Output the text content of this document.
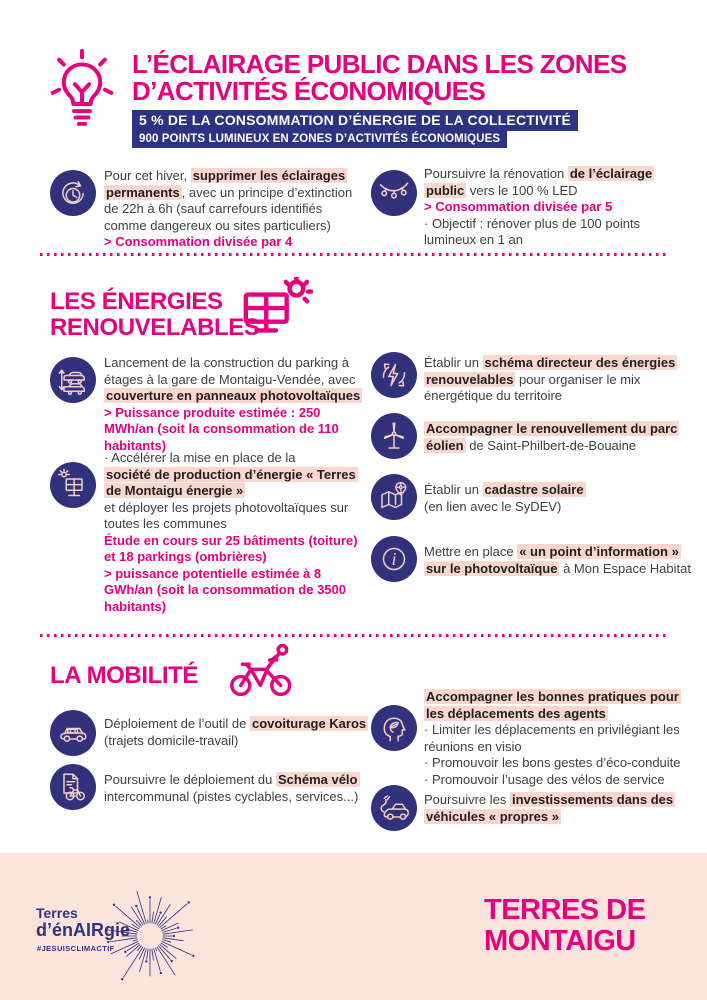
L’ÉCLAIRAGE PUBLIC DANS LES ZONES
D’ACTIVITÉS ÉCONOMIQUES
5 % DE LA CONSOMMATION D’ÉNERGIE DE LA COLLECTIVITÉ
900 POINTS LUMINEUX EN ZONES D’ACTIVITÉS ÉCONOMIQUES
Pour cet hiver, supprimer les éclairages permanents , avec un principe d’extinction de 22h à 6h (sauf carrefours identifiés comme dangereux ou sites particuliers)
> Consommation divisée par 4
Poursuivre la rénovation de l’éclairage public vers le 100 % LED
> Consommation divisée par 5
· Objectif : rénover plus de 100 points lumineux en 1 an
LES ÉNERGIES
RENOUVELABLES
Lancement de la construction du parking à étages à la gare de Montaigu-Vendée, avec couverture en panneaux photovoltaïques
> Puissance produite estimée : 250 MWh/an (soit la consommation de 110 habitants)
· Accélérer la mise en place de la
société de production d’énergie « Terres de Montaigu énergie »
et déployer les projets photovoltaïques sur toutes les communes
Étude en cours sur 25 bâtiments (toiture) et 18 parkings (ombrières)
> puissance potentielle estimée à 8 GWh/an (soit la consommation de 3500 habitants)
Établir un schéma directeur des énergies renouvelables pour organiser le mix énergétique du territoire
Accompagner le renouvellement du parc éolien de Saint-Philbert-de-Bouaine
Établir un cadastre solaire
(en lien avec le SyDEV)
i Mettre en place « un point d’information » sur le photovoltaïque à Mon Espace Habitat
LA MOBILITÉ
Déploiement de l’outil de covoiturage Karos
(trajets domicile-travail)
Poursuivre le déploiement du Schéma vélo intercommunal (pistes cyclables, services...)
Accompagner les bonnes pratiques pour les déplacements des agents
· Limiter les déplacements en privilégiant les réunions en visio
· Promouvoir les bons gestes d’éco-conduite
· Promouvoir l’usage des vélos de service
Poursuivre les investissements dans des véhicules « propres »
Terres
d’énAIRgie
#JESUISCLIMACTIF
TERRES DE
MONTAIGU
